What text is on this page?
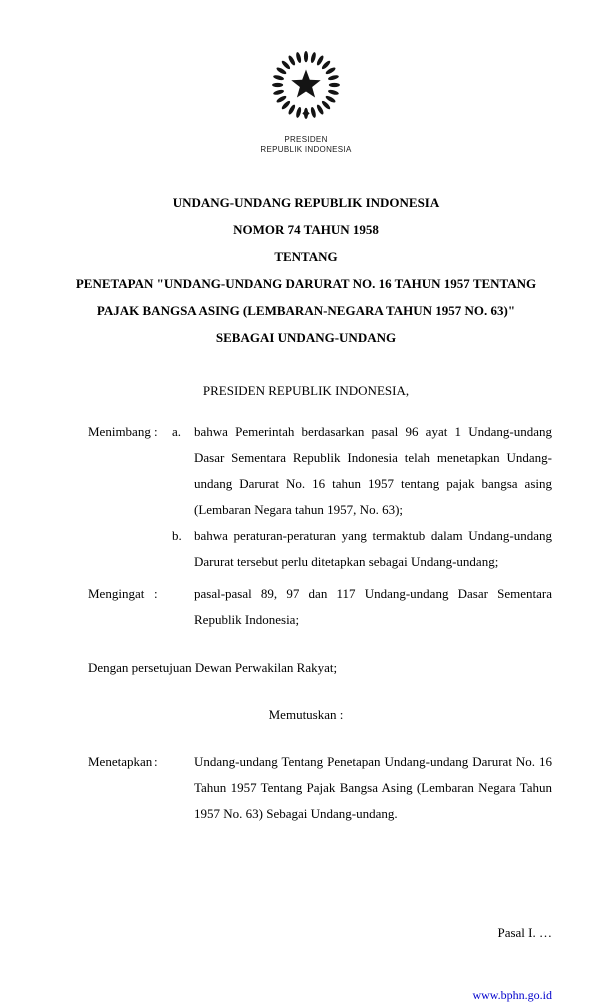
PRESIDEN
REPUBLIK INDONESIA

UNDANG-UNDANG REPUBLIK INDONESIA

NOMOR 74 TAHUN 1958

TENTANG

PENETAPAN "UNDANG-UNDANG DARURAT NO. 16 TAHUN 1957 TENTANG

PAJAK BANGSA ASING (LEMBARAN-NEGARA TAHUN 1957 NO. 63)"

SEBAGAI UNDANG-UNDANG

PRESIDEN REPUBLIK INDONESIA,

Menimbang :	a. bahwa Pemerintah berdasarkan pasal 96 ayat 1 Undang-undang Dasar Sementara Republik Indonesia telah menetapkan Undang-undang Darurat No. 16 tahun 1957 tentang pajak bangsa asing (Lembaran Negara tahun 1957, No. 63);
b. bahwa peraturan-peraturan yang termaktub dalam Undang-undang Darurat tersebut perlu ditetapkan sebagai Undang-undang;
Mengingat :	pasal-pasal 89, 97 dan 117 Undang-undang Dasar Sementara Republik Indonesia;

Dengan persetujuan Dewan Perwakilan Rakyat;

Memutuskan :

Menetapkan :	Undang-undang Tentang Penetapan Undang-undang Darurat No. 16 Tahun 1957 Tentang Pajak Bangsa Asing (Lembaran Negara Tahun 1957 No. 63) Sebagai Undang-undang.

Pasal I. …

www.bphn.go.id
